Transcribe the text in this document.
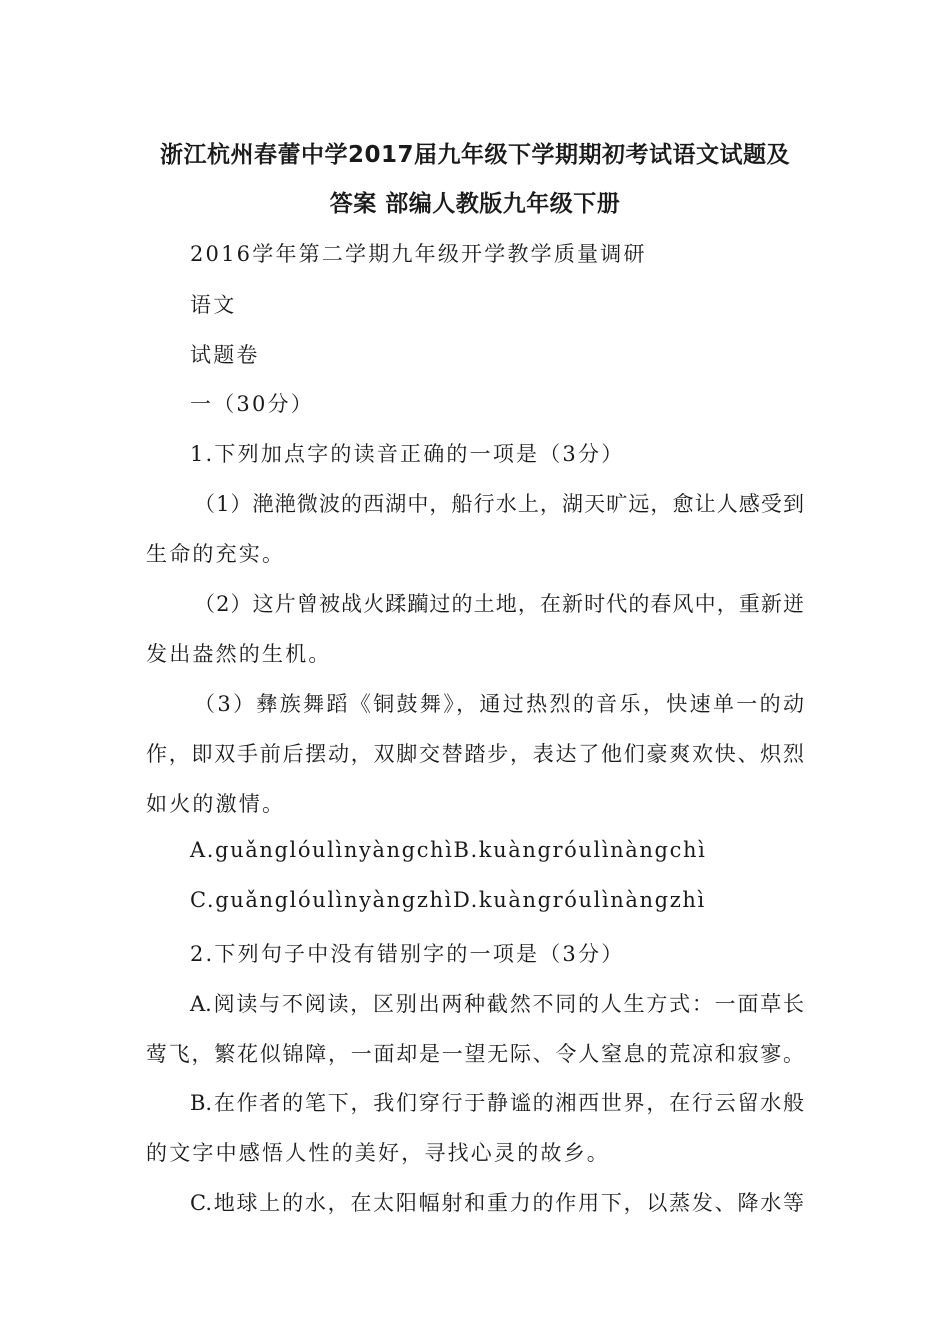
浙江杭州春蕾中学2017届九年级下学期期初考试语文试题及
答案 部编人教版九年级下册
2016学年第二学期九年级开学教学质量调研
语文
试题卷
一（30分）
1.下列加点字的读音正确的一项是（3分）
（1）滟滟微波的西湖中，船行水上，湖天旷远，愈让人感受到
生命的充实。
（2）这片曾被战火蹂躏过的土地，在新时代的春风中，重新迸
发出盎然的生机。
（3）彝族舞蹈《铜鼓舞》，通过热烈的音乐，快速单一的动
作，即双手前后摆动，双脚交替踏步，表达了他们豪爽欢快、炽烈
如火的激情。
A.guǎnglóulìnyàngchìB.kuàngróulìnàngchì
C.guǎnglóulìnyàngzhìD.kuàngróulìnàngzhì
2.下列句子中没有错别字的一项是（3分）
A.阅读与不阅读，区别出两种截然不同的人生方式：一面草长
莺飞，繁花似锦障，一面却是一望无际、令人窒息的荒凉和寂寥。
B.在作者的笔下，我们穿行于静谧的湘西世界，在行云留水般
的文字中感悟人性的美好，寻找心灵的故乡。
C.地球上的水，在太阳幅射和重力的作用下，以蒸发、降水等
